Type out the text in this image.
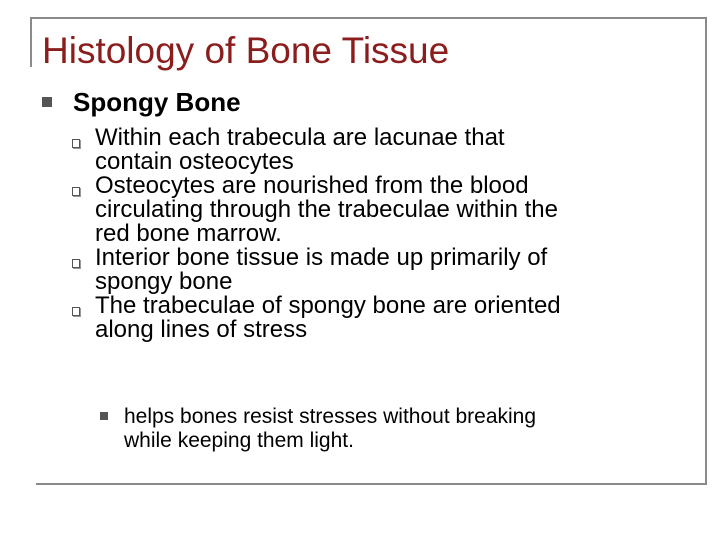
Histology of Bone Tissue
Spongy Bone
Within each trabecula are lacunae that
contain osteocytes
Osteocytes are nourished from the blood
circulating through the trabeculae within the
red bone marrow.
Interior bone tissue is made up primarily of
spongy bone
The trabeculae of spongy bone are oriented
along lines of stress
helps bones resist stresses without breaking
while keeping them light.
